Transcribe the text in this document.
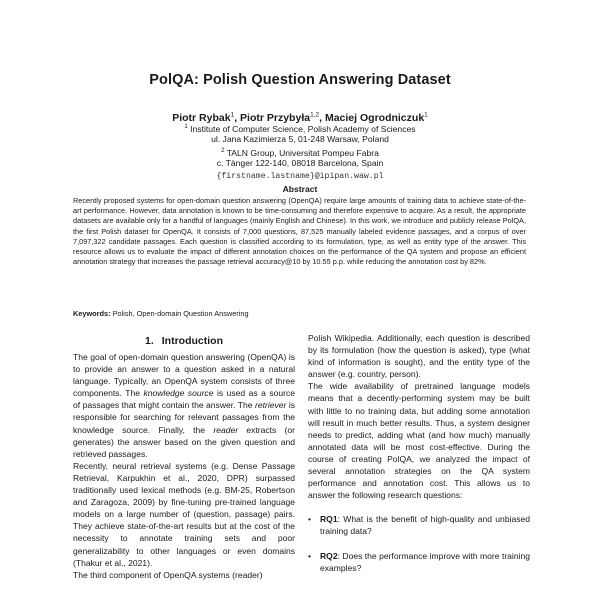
PolQA: Polish Question Answering Dataset
Piotr Rybak$^1$, Piotr Przybyła$^{1,2}$, Maciej Ogrodniczuk$^1$
$^1$ Institute of Computer Science, Polish Academy of Sciences
ul. Jana Kazimierza 5, 01-248 Warsaw, Poland
$^2$ TALN Group, Universitat Pompeu Fabra
c. Tànger 122-140, 08018 Barcelona, Spain
{firstname.lastname}@ipipan.waw.pl
Abstract

Recently proposed systems for open-domain question answering (OpenQA) require large amounts of training data to achieve state-of-the-art performance. However, data annotation is known to be time-consuming and therefore expensive to acquire. As a result, the appropriate datasets are available only for a handful of languages (mainly English and Chinese). In this work, we introduce and publicly release PolQA, the first Polish dataset for OpenQA. It consists of 7,000 questions, 87,525 manually labeled evidence passages, and a corpus of over 7,097,322 candidate passages. Each question is classified according to its formulation, type, as well as entity type of the answer. This resource allows us to evaluate the impact of different annotation choices on the performance of the QA system and propose an efficient annotation strategy that increases the passage retrieval accuracy@10 by 10.55 p.p. while reducing the annotation cost by 82%.

Keywords: Polish, Open-domain Question Answering

1. Introduction

The goal of open-domain question answering (OpenQA) is to provide an answer to a question asked in a natural language. Typically, an OpenQA system consists of three components. The knowledge source is used as a source of passages that might contain the answer. The retriever is responsible for searching for relevant passages from the knowledge source. Finally, the reader extracts (or generates) the answer based on the given question and retrieved passages.

Recently, neural retrieval systems (e.g. Dense Passage Retrieval, Karpukhin et al., 2020, DPR) surpassed traditionally used lexical methods (e.g. BM-25, Robertson and Zaragoza, 2009) by fine-tuning pre-trained language models on a large number of (question, passage) pairs. They achieve state-of-the-art results but at the cost of the necessity to annotate training sets and poor generalizability to other languages or even domains (Thakur et al., 2021).

The third component of OpenQA systems (reader)

Polish Wikipedia. Additionally, each question is described by its formulation (how the question is asked), type (what kind of information is sought), and the entity type of the answer (e.g. country, person).

The wide availability of pretrained language models means that a decently-performing system may be built with little to no training data, but adding some annotation will result in much better results. Thus, a system designer needs to predict, adding what (and how much) manually annotated data will be most cost-effective. During the course of creating PolQA, we analyzed the impact of several annotation strategies on the QA system performance and annotation cost. This allows us to answer the following research questions:

• RQ1: What is the benefit of high-quality and unbiased training data?

• RQ2: Does the performance improve with more training examples?
